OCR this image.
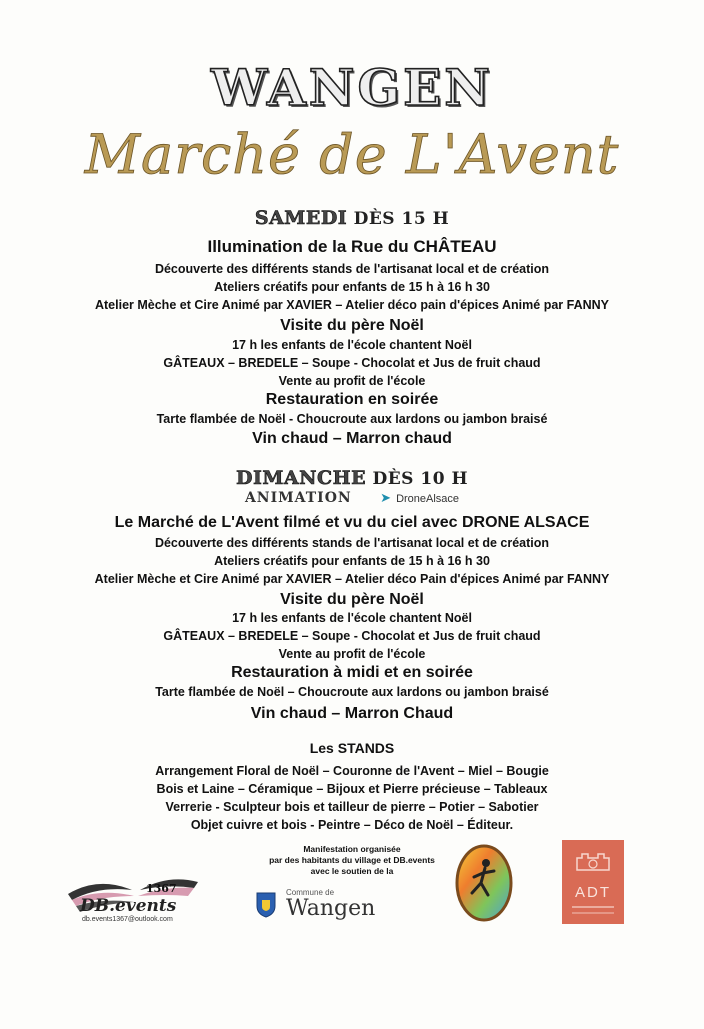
WANGEN
Marché de L'Avent
SAMEDI DÈS 15 H
Illumination de la Rue du CHÂTEAU
Découverte des différents stands de l'artisanat local et de création
Ateliers créatifs pour enfants de 15 h à 16 h 30
Atelier Mèche et Cire Animé par XAVIER – Atelier déco pain d'épices Animé par FANNY
Visite du père Noël
17 h les enfants de l'école chantent Noël
GÂTEAUX – BREDELE – Soupe - Chocolat et Jus de fruit chaud
Vente au profit de l'école
Restauration en soirée
Tarte flambée de Noël - Choucroute aux lardons ou jambon braisé
Vin chaud – Marron chaud
DIMANCHE DÈS 10 H
ANIMATION ➤ DroneAlsace
Le Marché de L'Avent filmé et vu du ciel avec DRONE ALSACE
Découverte des différents stands de l'artisanat local et de création
Ateliers créatifs pour enfants de 15 h à 16 h 30
Atelier Mèche et Cire Animé par XAVIER – Atelier déco Pain d'épices Animé par FANNY
Visite du père Noël
17 h les enfants de l'école chantent Noël
GÂTEAUX – BREDELE – Soupe - Chocolat et Jus de fruit chaud
Vente au profit de l'école
Restauration à midi et en soirée
Tarte flambée de Noël – Choucroute aux lardons ou jambon braisé
Vin chaud – Marron Chaud
Les STANDS
Arrangement Floral de Noël – Couronne de l'Avent – Miel – Bougie
Bois et Laine – Céramique – Bijoux et Pierre précieuse – Tableaux
Verrerie - Sculpteur bois et tailleur de pierre – Potier – Sabotier
Objet cuivre et bois - Peintre – Déco de Noël – Éditeur.
Manifestation organisée
par des habitants du village et DB.events
avec le soutien de la
1367
DB.events
db.events1367@outlook.com
Commune de
Wangen
ADT
